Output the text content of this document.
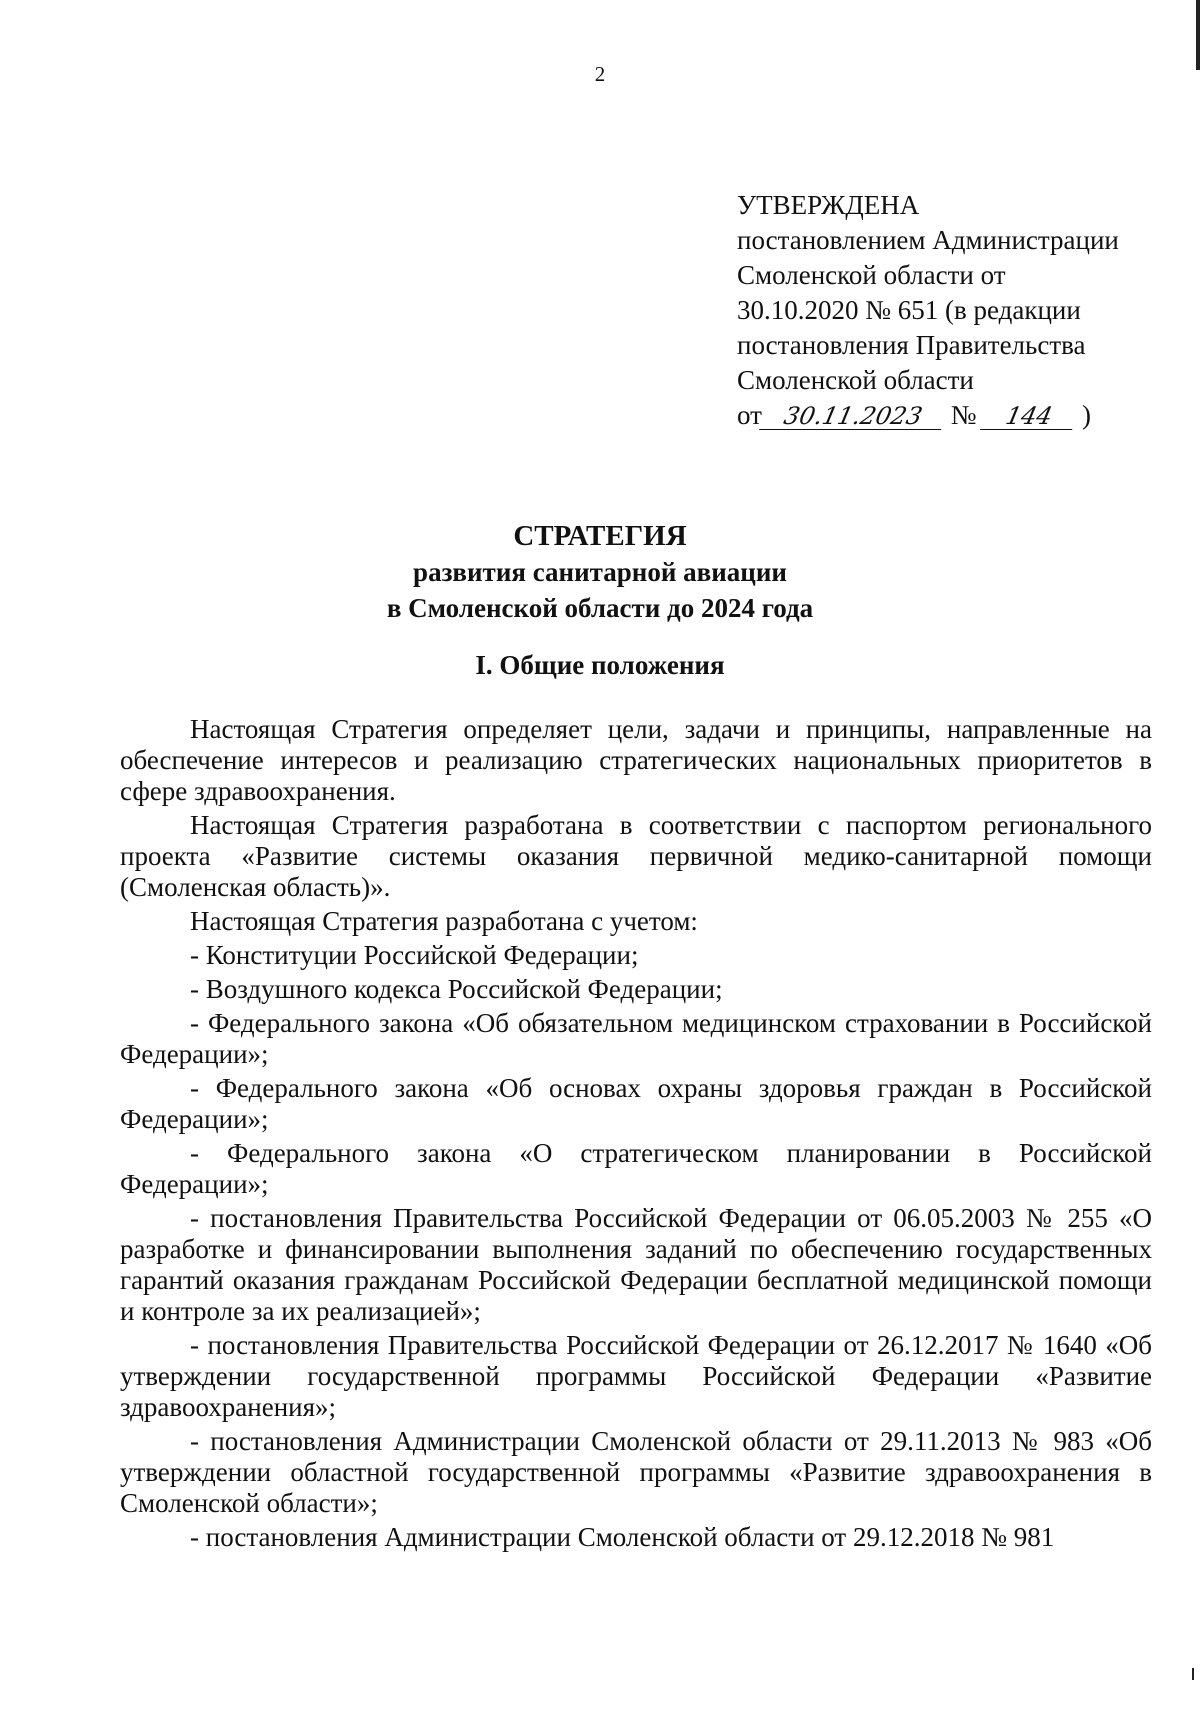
2
УТВЕРЖДЕНА
постановлением Администрации
Смоленской области от
30.10.2020 № 651 (в редакции
постановления Правительства
Смоленской области
от 30.11.2023 № 144 )
СТРАТЕГИЯ
развития санитарной авиации
в Смоленской области до 2024 года
I. Общие положения

Настоящая Стратегия определяет цели, задачи и принципы, направленные на обеспечение интересов и реализацию стратегических национальных приоритетов в сфере здравоохранения.

Настоящая Стратегия разработана в соответствии с паспортом регионального проекта «Развитие системы оказания первичной медико-санитарной помощи (Смоленская область)».

Настоящая Стратегия разработана с учетом:

- Конституции Российской Федерации;

- Воздушного кодекса Российской Федерации;

- Федерального закона «Об обязательном медицинском страховании в Российской Федерации»;

- Федерального закона «Об основах охраны здоровья граждан в Российской Федерации»;

- Федерального закона «О стратегическом планировании в Российской Федерации»;

- постановления Правительства Российской Федерации от 06.05.2003 № 255 «О разработке и финансировании выполнения заданий по обеспечению государственных гарантий оказания гражданам Российской Федерации бесплатной медицинской помощи и контроле за их реализацией»;

- постановления Правительства Российской Федерации от 26.12.2017 № 1640 «Об утверждении государственной программы Российской Федерации «Развитие здравоохранения»;

- постановления Администрации Смоленской области от 29.11.2013 № 983 «Об утверждении областной государственной программы «Развитие здравоохранения в Смоленской области»;

- постановления Администрации Смоленской области от 29.12.2018 № 981
